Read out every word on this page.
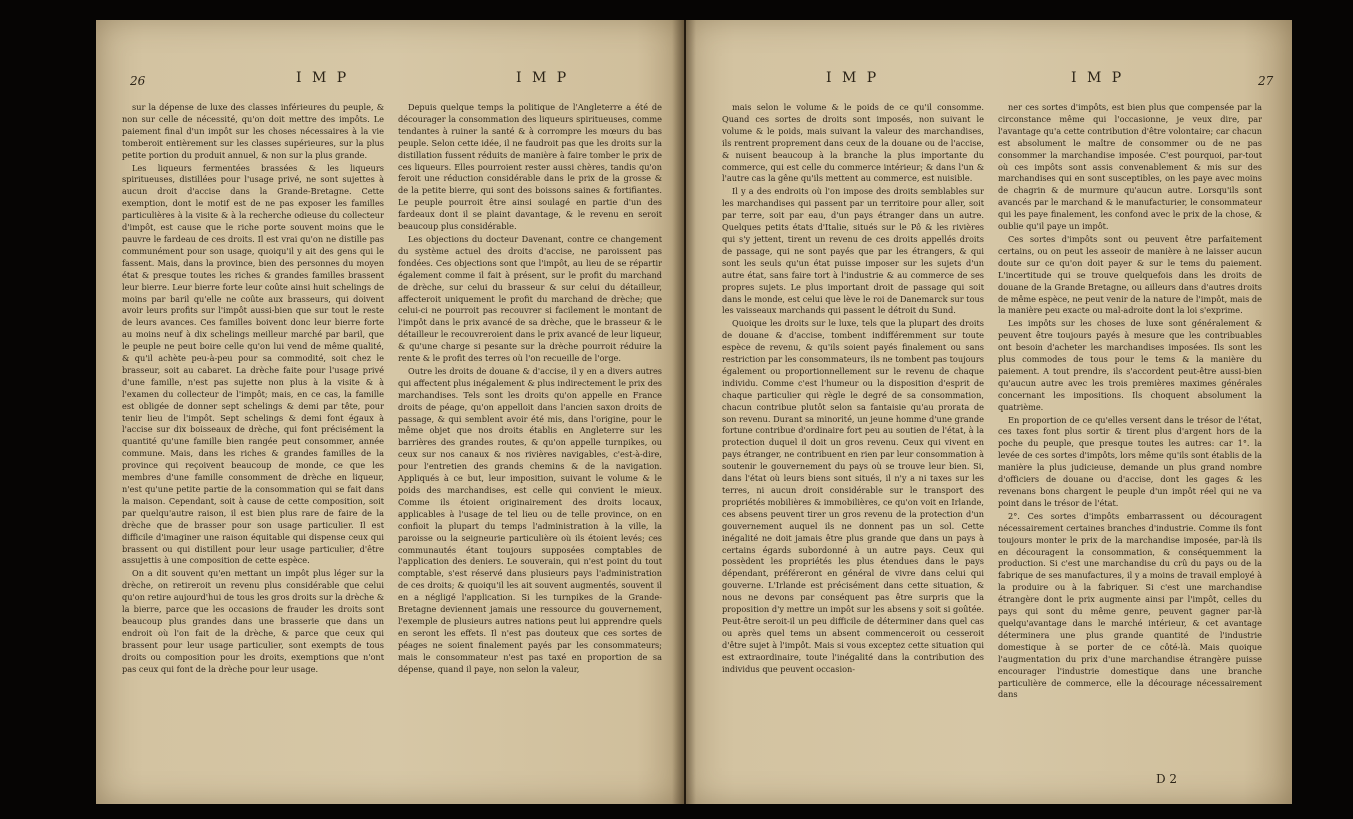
26	I M P	I M P

sur la dépense de luxe des classes inférieures du peuple, & non sur celle de nécessité, qu'on doit mettre des impôts. Le paiement final d'un impôt sur les choses nécessaires à la vie tomberoit entièrement sur les classes supérieures, sur la plus petite portion du produit annuel, & non sur la plus grande.

Les liqueurs fermentées brassées & les liqueurs spiritueuses, distillées pour l'usage privé, ne sont sujettes à aucun droit d'accise dans la Grande-Bretagne. Cette exemption, dont le motif est de ne pas exposer les familles particulières à la visite & à la recherche odieuse du collecteur d'impôt, est cause que le riche porte souvent moins que le pauvre le fardeau de ces droits. Il est vrai qu'on ne distille pas communément pour son usage, quoiqu'il y ait des gens qui le fassent. Mais, dans la province, bien des personnes du moyen état & presque toutes les riches & grandes familles brassent leur bierre. Leur bierre forte leur coûte ainsi huit schelings de moins par baril qu'elle ne coûte aux brasseurs, qui doivent avoir leurs profits sur l'impôt aussi-bien que sur tout le reste de leurs avances. Ces familles boivent donc leur bierre forte au moins neuf à dix schelings meilleur marché par baril, que le peuple ne peut boire celle qu'on lui vend de même qualité, & qu'il achète peu-à-peu pour sa commodité, soit chez le brasseur, soit au cabaret. La drèche faite pour l'usage privé d'une famille, n'est pas sujette non plus à la visite & à l'examen du collecteur de l'impôt; mais, en ce cas, la famille est obligée de donner sept schelings & demi par tête, pour tenir lieu de l'impôt. Sept schelings & demi font égaux à l'accise sur dix boisseaux de drèche, qui font précisément la quantité qu'une famille bien rangée peut consommer, année commune. Mais, dans les riches & grandes familles de la province qui reçoivent beaucoup de monde, ce que les membres d'une famille consomment de drèche en liqueur, n'est qu'une petite partie de la consommation qui se fait dans la maison. Cependant, soit à cause de cette composition, soit par quelqu'autre raison, il est bien plus rare de faire de la drèche que de brasser pour son usage particulier. Il est difficile d'imaginer une raison équitable qui dispense ceux qui brassent ou qui distillent pour leur usage particulier, d'être assujettis à une composition de cette espèce.

On a dit souvent qu'en mettant un impôt plus léger sur la drèche, on retireroit un revenu plus considérable que celui qu'on retire aujourd'hui de tous les gros droits sur la drèche & la bierre, parce que les occasions de frauder les droits sont beaucoup plus grandes dans une brasserie que dans un endroit où l'on fait de la drèche, & parce que ceux qui brassent pour leur usage particulier, sont exempts de tous droits ou composition pour les droits, exemptions que n'ont pas ceux qui font de la drèche pour leur usage.

Depuis quelque temps la politique de l'Angleterre a été de décourager la consommation des liqueurs spiritueuses, comme tendantes à ruiner la santé & à corrompre les mœurs du bas peuple. Selon cette idée, il ne faudroit pas que les droits sur la distillation fussent réduits de manière à faire tomber le prix de ces liqueurs. Elles pourroient rester aussi chères, tandis qu'on feroit une réduction considérable dans le prix de la grosse & de la petite bierre, qui sont des boissons saines & fortifiantes. Le peuple pourroit être ainsi soulagé en partie d'un des fardeaux dont il se plaint davantage, & le revenu en seroit beaucoup plus considérable.

Les objections du docteur Davenant, contre ce changement du système actuel des droits d'accise, ne paroissent pas fondées. Ces objections sont que l'impôt, au lieu de se répartir également comme il fait à présent, sur le profit du marchand de drèche, sur celui du brasseur & sur celui du détailleur, affecteroit uniquement le profit du marchand de drèche; que celui-ci ne pourroit pas recouvrer si facilement le montant de l'impôt dans le prix avancé de sa drèche, que le brasseur & le détailleur le recouvreroient dans le prix avancé de leur liqueur, & qu'une charge si pesante sur la drèche pourroit réduire la rente & le profit des terres où l'on recueille de l'orge.

Outre les droits de douane & d'accise, il y en a divers autres qui affectent plus inégalement & plus indirectement le prix des marchandises. Tels sont les droits qu'on appelle en France droits de péage, qu'on appelloit dans l'ancien saxon droits de passage, & qui semblent avoir été mis, dans l'origine, pour le même objet que nos droits établis en Angleterre sur les barrières des grandes routes, & qu'on appelle turnpikes, ou ceux sur nos canaux & nos rivières navigables, c'est-à-dire, pour l'entretien des grands chemins & de la navigation. Appliqués à ce but, leur imposition, suivant le volume & le poids des marchandises, est celle qui convient le mieux. Comme ils étoient originairement des droits locaux, applicables à l'usage de tel lieu ou de telle province, on en confioit la plupart du temps l'administration à la ville, la paroisse ou la seigneurie particulière où ils étoient levés; ces communautés étant toujours supposées comptables de l'application des deniers. Le souverain, qui n'est point du tout comptable, s'est réservé dans plusieurs pays l'administration de ces droits; & quoiqu'il les ait souvent augmentés, souvent il en a négligé l'application. Si les turnpikes de la Grande-Bretagne deviennent jamais une ressource du gouvernement, l'exemple de plusieurs autres nations peut lui apprendre quels en seront les effets. Il n'est pas douteux que ces sortes de péages ne soient finalement payés par les consommateurs; mais le consommateur n'est pas taxé en proportion de sa dépense, quand il paye, non selon la valeur,

I M P	I M P	27

mais selon le volume & le poids de ce qu'il consomme. Quand ces sortes de droits sont imposés, non suivant le volume & le poids, mais suivant la valeur des marchandises, ils rentrent proprement dans ceux de la douane ou de l'accise, & nuisent beaucoup à la branche la plus importante du commerce, qui est celle du commerce intérieur; & dans l'un & l'autre cas la gêne qu'ils mettent au commerce, est nuisible.

Il y a des endroits où l'on impose des droits semblables sur les marchandises qui passent par un territoire pour aller, soit par terre, soit par eau, d'un pays étranger dans un autre. Quelques petits états d'Italie, situés sur le Pô & les rivières qui s'y jettent, tirent un revenu de ces droits appellés droits de passage, qui ne sont payés que par les étrangers, & qui sont les seuls qu'un état puisse imposer sur les sujets d'un autre état, sans faire tort à l'industrie & au commerce de ses propres sujets. Le plus important droit de passage qui soit dans le monde, est celui que lève le roi de Danemarck sur tous les vaisseaux marchands qui passent le détroit du Sund.

Quoique les droits sur le luxe, tels que la plupart des droits de douane & d'accise, tombent indifféremment sur toute espèce de revenu, & qu'ils soient payés finalement ou sans restriction par les consommateurs, ils ne tombent pas toujours également ou proportionnellement sur le revenu de chaque individu. Comme c'est l'humeur ou la disposition d'esprit de chaque particulier qui règle le degré de sa consommation, chacun contribue plutôt selon sa fantaisie qu'au prorata de son revenu. Durant sa minorité, un jeune homme d'une grande fortune contribue d'ordinaire fort peu au soutien de l'état, à la protection duquel il doit un gros revenu. Ceux qui vivent en pays étranger, ne contribuent en rien par leur consommation à soutenir le gouvernement du pays où se trouve leur bien. Si, dans l'état où leurs biens sont situés, il n'y a ni taxes sur les terres, ni aucun droit considérable sur le transport des propriétés mobilières & immobilières, ce qu'on voit en Irlande, ces absens peuvent tirer un gros revenu de la protection d'un gouvernement auquel ils ne donnent pas un sol. Cette inégalité ne doit jamais être plus grande que dans un pays à certains égards subordonné à un autre pays. Ceux qui possèdent les propriétés les plus étendues dans le pays dépendant, préféreront en général de vivre dans celui qui gouverne. L'Irlande est précisément dans cette situation, & nous ne devons par conséquent pas être surpris que la proposition d'y mettre un impôt sur les absens y soit si goûtée. Peut-être seroit-il un peu difficile de déterminer dans quel cas ou après quel tems un absent commenceroit ou cesseroit d'être sujet à l'impôt. Mais si vous exceptez cette situation qui est extraordinaire, toute l'inégalité dans la contribution des individus que peuvent occasion-

ner ces sortes d'impôts, est bien plus que compensée par la circonstance même qui l'occasionne, je veux dire, par l'avantage qu'a cette contribution d'être volontaire; car chacun est absolument le maître de consommer ou de ne pas consommer la marchandise imposée. C'est pourquoi, par-tout où ces impôts sont assis convenablement & mis sur des marchandises qui en sont susceptibles, on les paye avec moins de chagrin & de murmure qu'aucun autre. Lorsqu'ils sont avancés par le marchand & le manufacturier, le consommateur qui les paye finalement, les confond avec le prix de la chose, & oublie qu'il paye un impôt.

Ces sortes d'impôts sont ou peuvent être parfaitement certains, ou on peut les asseoir de manière à ne laisser aucun doute sur ce qu'on doit payer & sur le tems du paiement. L'incertitude qui se trouve quelquefois dans les droits de douane de la Grande Bretagne, ou ailleurs dans d'autres droits de même espèce, ne peut venir de la nature de l'impôt, mais de la manière peu exacte ou mal-adroite dont la loi s'exprime.

Les impôts sur les choses de luxe sont généralement & peuvent être toujours payés à mesure que les contribuables ont besoin d'acheter les marchandises imposées. Ils sont les plus commodes de tous pour le tems & la manière du paiement. A tout prendre, ils s'accordent peut-être aussi-bien qu'aucun autre avec les trois premières maximes générales concernant les impositions. Ils choquent absolument la quatrième.

En proportion de ce qu'elles versent dans le trésor de l'état, ces taxes font plus sortir & tirent plus d'argent hors de la poche du peuple, que presque toutes les autres: car 1°. la levée de ces sortes d'impôts, lors même qu'ils sont établis de la manière la plus judicieuse, demande un plus grand nombre d'officiers de douane ou d'accise, dont les gages & les revenans bons chargent le peuple d'un impôt réel qui ne va point dans le trésor de l'état.

2°. Ces sortes d'impôts embarrassent ou découragent nécessairement certaines branches d'industrie. Comme ils font toujours monter le prix de la marchandise imposée, par-là ils en découragent la consommation, & conséquemment la production. Si c'est une marchandise du crû du pays ou de la fabrique de ses manufactures, il y a moins de travail employé à la produire ou à la fabriquer. Si c'est une marchandise étrangère dont le prix augmente ainsi par l'impôt, celles du pays qui sont du même genre, peuvent gagner par-là quelqu'avantage dans le marché intérieur, & cet avantage déterminera une plus grande quantité de l'industrie domestique à se porter de ce côté-là. Mais quoique l'augmentation du prix d'une marchandise étrangère puisse encourager l'industrie domestique dans une branche particulière de commerce, elle la décourage nécessairement dans

D 2
